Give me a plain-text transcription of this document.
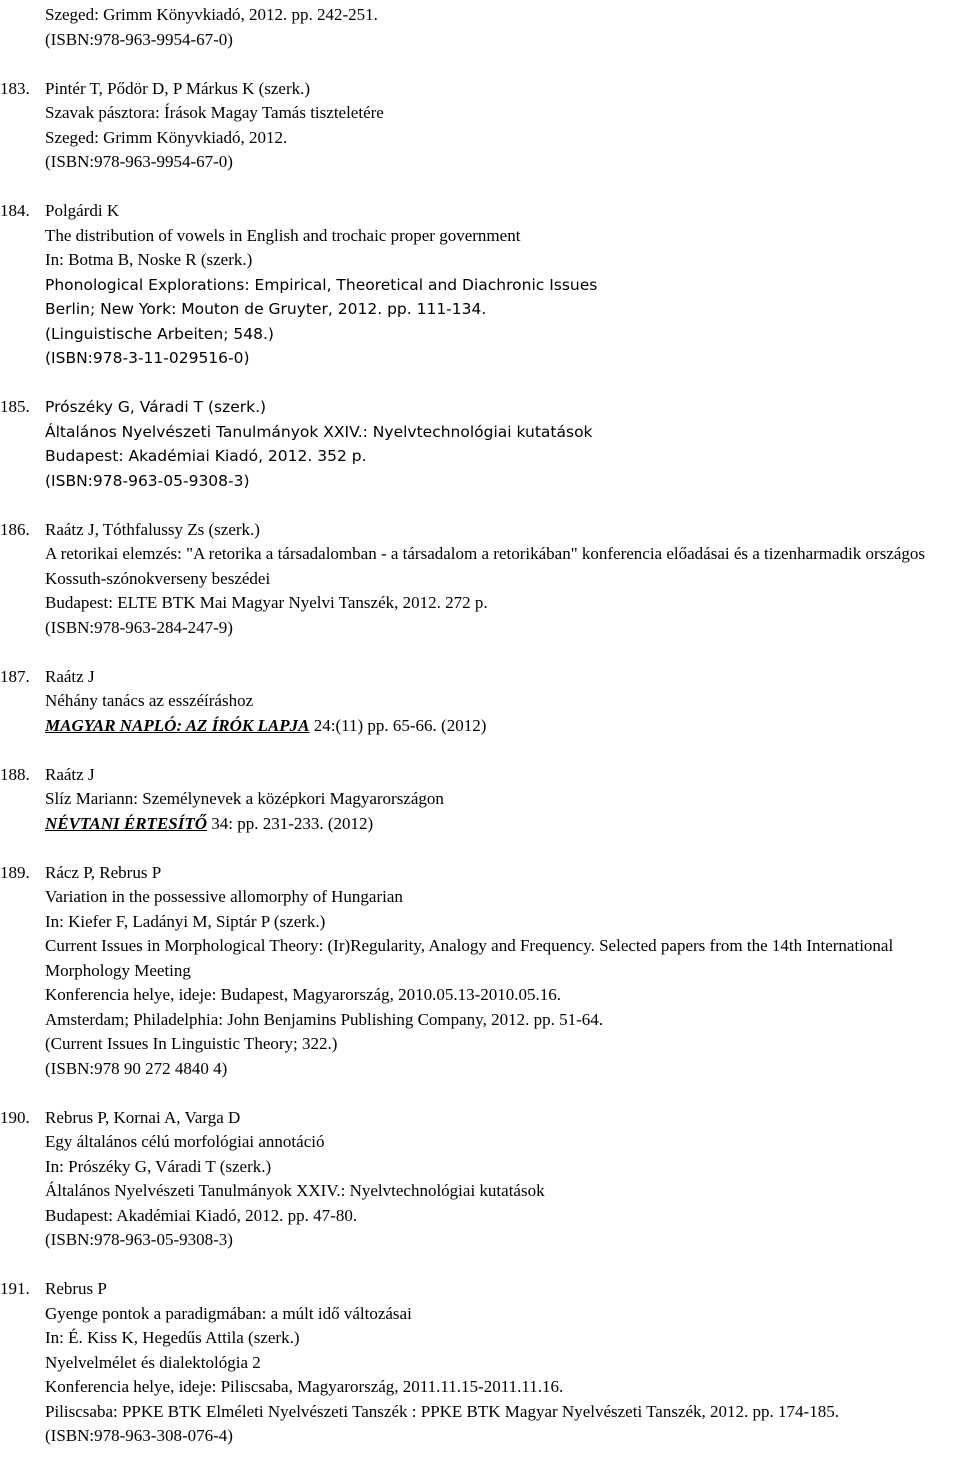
Szeged: Grimm Könyvkiadó, 2012. pp. 242-251.
(ISBN:978-963-9954-67-0)
183. Pintér T, Pődör D, P Márkus K (szerk.)
Szavak pásztora: Írások Magay Tamás tiszteletére
Szeged: Grimm Könyvkiadó, 2012.
(ISBN:978-963-9954-67-0)
184. Polgárdi K
The distribution of vowels in English and trochaic proper government
In: Botma B, Noske R (szerk.)
Phonological Explorations: Empirical, Theoretical and Diachronic Issues
Berlin; New York: Mouton de Gruyter, 2012. pp. 111-134.
(Linguistische Arbeiten; 548.)
(ISBN:978-3-11-029516-0)
185. Prószéky G, Váradi T (szerk.)
Általános Nyelvészeti Tanulmányok XXIV.: Nyelvtechnológiai kutatások
Budapest: Akadémiai Kiadó, 2012. 352 p.
(ISBN:978-963-05-9308-3)
186. Raátz J, Tóthfalussy Zs (szerk.)
A retorikai elemzés: "A retorika a társadalomban - a társadalom a retorikában" konferencia előadásai és a tizenharmadik országos Kossuth-szónokverseny beszédei
Budapest: ELTE BTK Mai Magyar Nyelvi Tanszék, 2012. 272 p.
(ISBN:978-963-284-247-9)
187. Raátz J
Néhány tanács az esszéíráshoz
MAGYAR NAPLÓ: AZ ÍRÓK LAPJA 24:(11) pp. 65-66. (2012)
188. Raátz J
Slíz Mariann: Személynevek a középkori Magyarországon
NÉVTANI ÉRTESÍTŐ 34: pp. 231-233. (2012)
189. Rácz P, Rebrus P
Variation in the possessive allomorphy of Hungarian
In: Kiefer F, Ladányi M, Siptár P (szerk.)
Current Issues in Morphological Theory: (Ir)Regularity, Analogy and Frequency. Selected papers from the 14th International Morphology Meeting
Konferencia helye, ideje: Budapest, Magyarország, 2010.05.13-2010.05.16.
Amsterdam; Philadelphia: John Benjamins Publishing Company, 2012. pp. 51-64.
(Current Issues In Linguistic Theory; 322.)
(ISBN:978 90 272 4840 4)
190. Rebrus P, Kornai A, Varga D
Egy általános célú morfológiai annotáció
In: Prószéky G, Váradi T (szerk.)
Általános Nyelvészeti Tanulmányok XXIV.: Nyelvtechnológiai kutatások
Budapest: Akadémiai Kiadó, 2012. pp. 47-80.
(ISBN:978-963-05-9308-3)
191. Rebrus P
Gyenge pontok a paradigmában: a múlt idő változásai
In: É. Kiss K, Hegedűs Attila (szerk.)
Nyelvelmélet és dialektológia 2
Konferencia helye, ideje: Piliscsaba, Magyarország, 2011.11.15-2011.11.16.
Piliscsaba: PPKE BTK Elméleti Nyelvészeti Tanszék : PPKE BTK Magyar Nyelvészeti Tanszék, 2012. pp. 174-185.
(ISBN:978-963-308-076-4)
